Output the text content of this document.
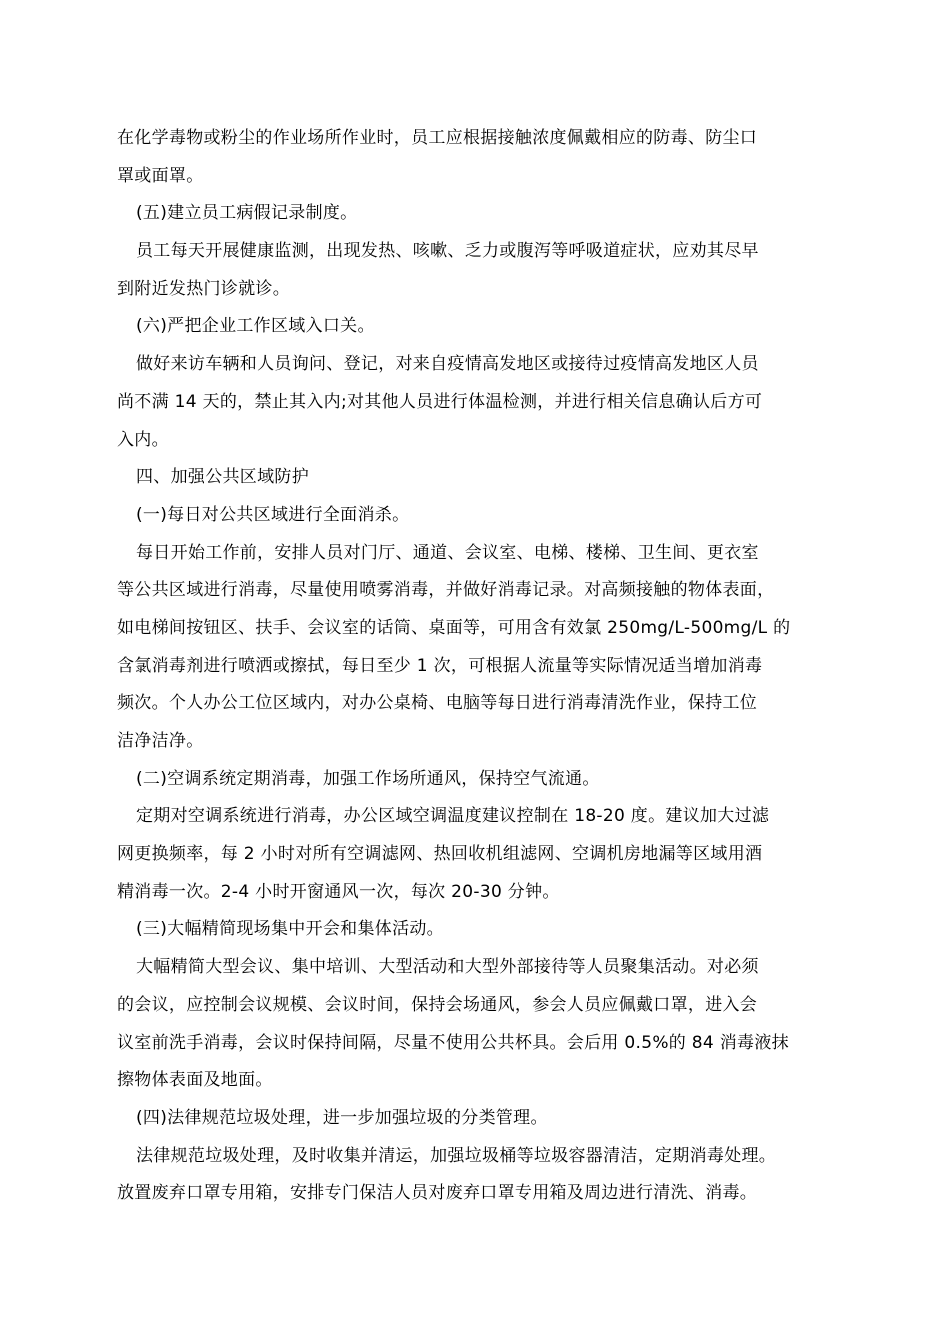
在化学毒物或粉尘的作业场所作业时，员工应根据接触浓度佩戴相应的防毒、防尘口
罩或面罩。
(五)建立员工病假记录制度。
员工每天开展健康监测，出现发热、咳嗽、乏力或腹泻等呼吸道症状，应劝其尽早
到附近发热门诊就诊。
(六)严把企业工作区域入口关。
做好来访车辆和人员询问、登记，对来自疫情高发地区或接待过疫情高发地区人员
尚不满 14 天的，禁止其入内;对其他人员进行体温检测，并进行相关信息确认后方可
入内。
四、加强公共区域防护
(一)每日对公共区域进行全面消杀。
每日开始工作前，安排人员对门厅、通道、会议室、电梯、楼梯、卫生间、更衣室
等公共区域进行消毒，尽量使用喷雾消毒，并做好消毒记录。对高频接触的物体表面，
如电梯间按钮区、扶手、会议室的话筒、桌面等，可用含有效氯 250mg/L-500mg/L 的
含氯消毒剂进行喷洒或擦拭，每日至少 1 次，可根据人流量等实际情况适当增加消毒
频次。个人办公工位区域内，对办公桌椅、电脑等每日进行消毒清洗作业，保持工位
洁净洁净。
(二)空调系统定期消毒，加强工作场所通风，保持空气流通。
定期对空调系统进行消毒，办公区域空调温度建议控制在 18-20 度。建议加大过滤
网更换频率，每 2 小时对所有空调滤网、热回收机组滤网、空调机房地漏等区域用酒
精消毒一次。2-4 小时开窗通风一次，每次 20-30 分钟。
(三)大幅精简现场集中开会和集体活动。
大幅精简大型会议、集中培训、大型活动和大型外部接待等人员聚集活动。对必须
的会议，应控制会议规模、会议时间，保持会场通风，参会人员应佩戴口罩，进入会
议室前洗手消毒，会议时保持间隔，尽量不使用公共杯具。会后用 0.5%的 84 消毒液抹
擦物体表面及地面。
(四)法律规范垃圾处理，进一步加强垃圾的分类管理。
法律规范垃圾处理，及时收集并清运，加强垃圾桶等垃圾容器清洁，定期消毒处理。
放置废弃口罩专用箱，安排专门保洁人员对废弃口罩专用箱及周边进行清洗、消毒。
